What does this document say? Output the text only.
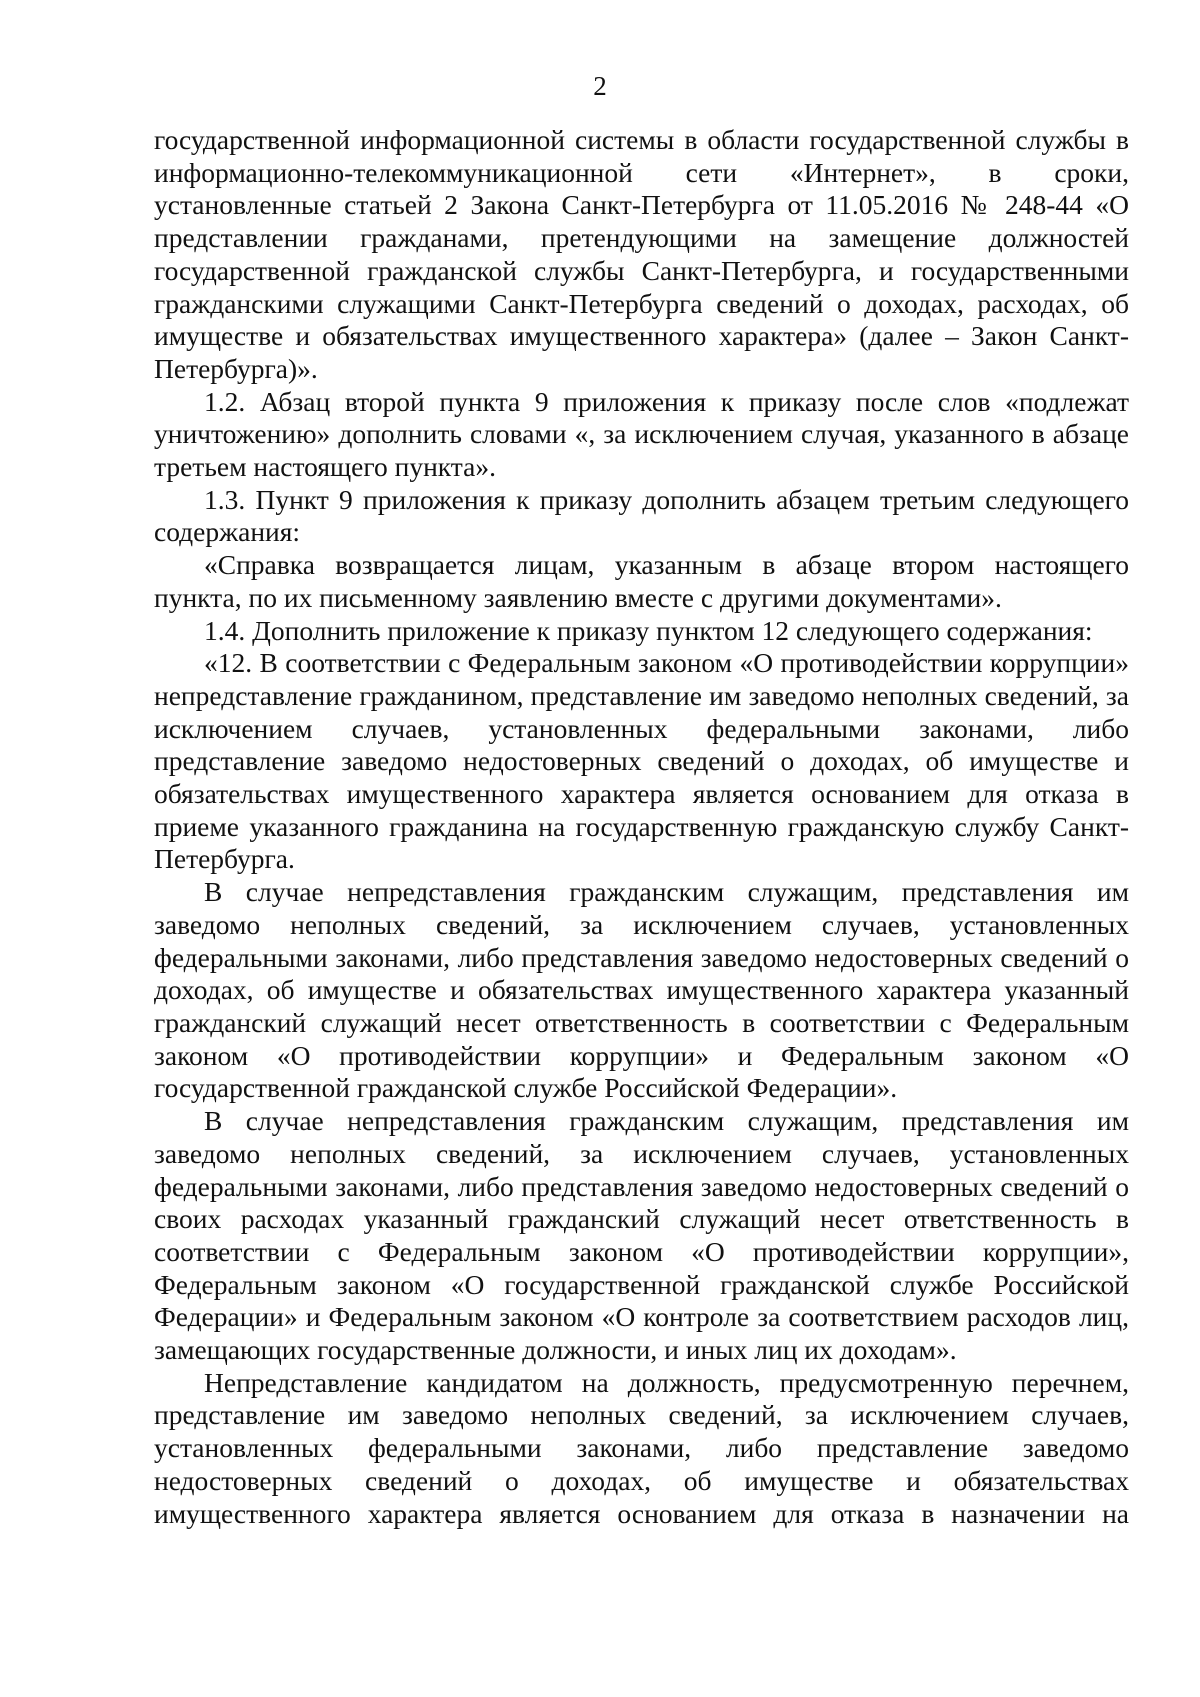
2

государственной информационной системы в области государственной службы в информационно-телекоммуникационной сети «Интернет», в сроки, установленные статьей 2 Закона Санкт-Петербурга от 11.05.2016 № 248-44 «О представлении гражданами, претендующими на замещение должностей государственной гражданской службы Санкт-Петербурга, и государственными гражданскими служащими Санкт-Петербурга сведений о доходах, расходах, об имуществе и обязательствах имущественного характера» (далее – Закон Санкт-Петербурга)».

1.2. Абзац второй пункта 9 приложения к приказу после слов «подлежат уничтожению» дополнить словами «, за исключением случая, указанного в абзаце третьем настоящего пункта».

1.3. Пункт 9 приложения к приказу дополнить абзацем третьим следующего содержания:

«Справка возвращается лицам, указанным в абзаце втором настоящего пункта, по их письменному заявлению вместе с другими документами».

1.4. Дополнить приложение к приказу пунктом 12 следующего содержания:

«12. В соответствии с Федеральным законом «О противодействии коррупции» непредставление гражданином, представление им заведомо неполных сведений, за исключением случаев, установленных федеральными законами, либо представление заведомо недостоверных сведений о доходах, об имуществе и обязательствах имущественного характера является основанием для отказа в приеме указанного гражданина на государственную гражданскую службу Санкт-Петербурга.

В случае непредставления гражданским служащим, представления им заведомо неполных сведений, за исключением случаев, установленных федеральными законами, либо представления заведомо недостоверных сведений о доходах, об имуществе и обязательствах имущественного характера указанный гражданский служащий несет ответственность в соответствии с Федеральным законом «О противодействии коррупции» и Федеральным законом «О государственной гражданской службе Российской Федерации».

В случае непредставления гражданским служащим, представления им заведомо неполных сведений, за исключением случаев, установленных федеральными законами, либо представления заведомо недостоверных сведений о своих расходах указанный гражданский служащий несет ответственность в соответствии с Федеральным законом «О противодействии коррупции», Федеральным законом «О государственной гражданской службе Российской Федерации» и Федеральным законом «О контроле за соответствием расходов лиц, замещающих государственные должности, и иных лиц их доходам».

Непредставление кандидатом на должность, предусмотренную перечнем, представление им заведомо неполных сведений, за исключением случаев, установленных федеральными законами, либо представление заведомо недостоверных сведений о доходах, об имуществе и обязательствах имущественного характера является основанием для отказа в назначении на
